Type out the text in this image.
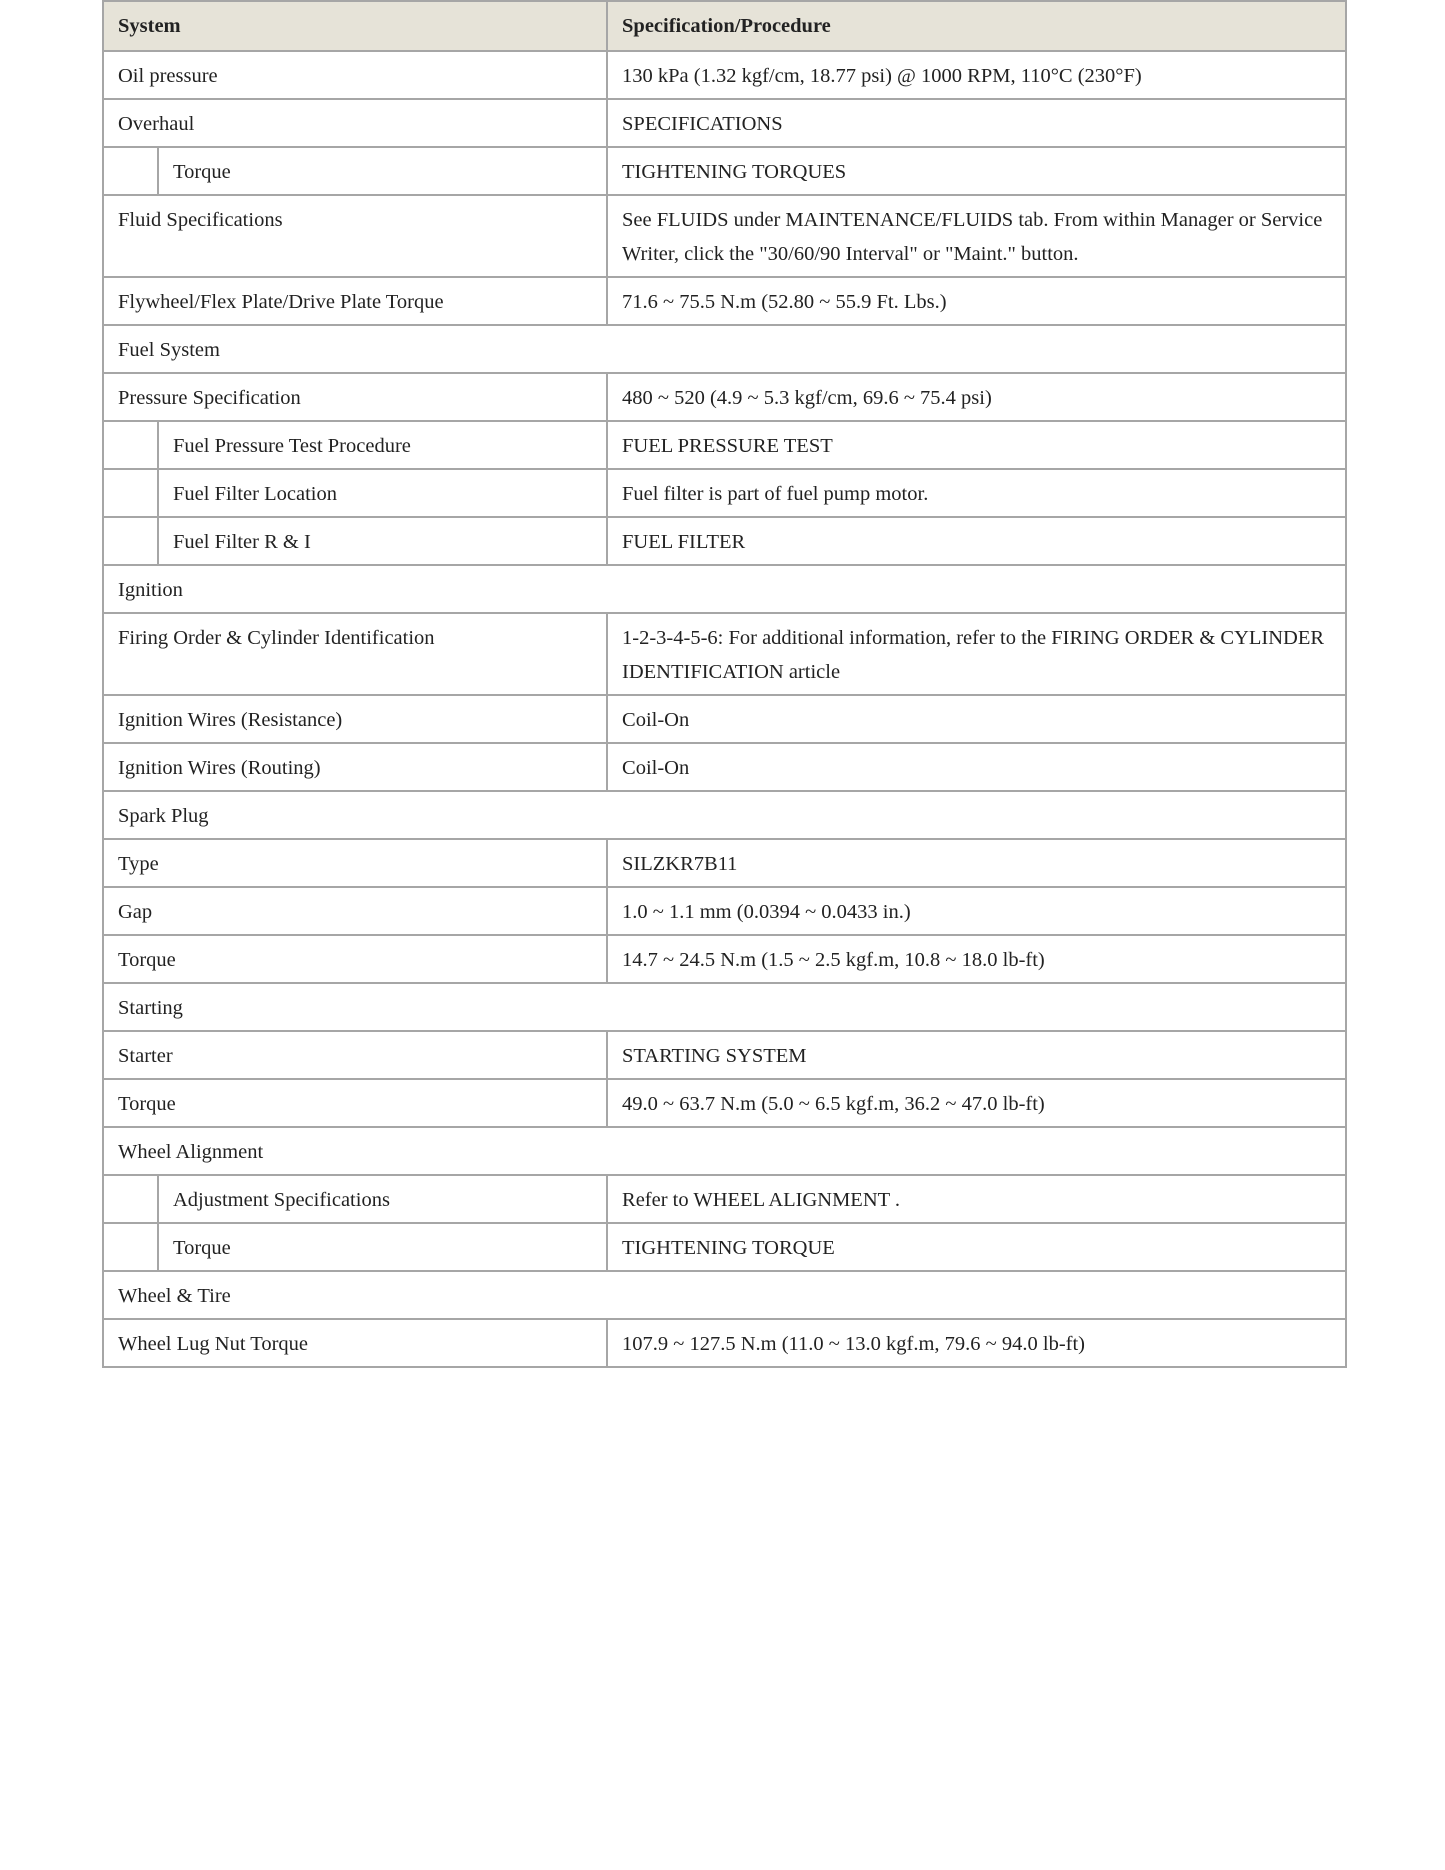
System		Specification/Procedure
Oil pressure		130 kPa (1.32 kgf/cm, 18.77 psi) @ 1000 RPM, 110°C (230°F)
Overhaul		SPECIFICATIONS
	Torque	TIGHTENING TORQUES
Fluid Specifications		See FLUIDS under MAINTENANCE/FLUIDS tab. From within Manager or Service Writer, click the "30/60/90 Interval" or "Maint." button.
Flywheel/Flex Plate/Drive Plate Torque		71.6 ~ 75.5 N.m (52.80 ~ 55.9 Ft. Lbs.)
Fuel System		
Pressure Specification		480 ~ 520 (4.9 ~ 5.3 kgf/cm, 69.6 ~ 75.4 psi)
	Fuel Pressure Test Procedure	FUEL PRESSURE TEST
	Fuel Filter Location	Fuel filter is part of fuel pump motor.
	Fuel Filter R & I	FUEL FILTER
Ignition		
Firing Order & Cylinder Identification		1-2-3-4-5-6: For additional information, refer to the FIRING ORDER & CYLINDER IDENTIFICATION article
Ignition Wires (Resistance)		Coil-On
Ignition Wires (Routing)		Coil-On
Spark Plug		
Type		SILZKR7B11
Gap		1.0 ~ 1.1 mm (0.0394 ~ 0.0433 in.)
Torque		14.7 ~ 24.5 N.m (1.5 ~ 2.5 kgf.m, 10.8 ~ 18.0 lb-ft)
Starting		
Starter		STARTING SYSTEM
Torque		49.0 ~ 63.7 N.m (5.0 ~ 6.5 kgf.m, 36.2 ~ 47.0 lb-ft)
Wheel Alignment		
	Adjustment Specifications	Refer to WHEEL ALIGNMENT .
	Torque	TIGHTENING TORQUE
Wheel & Tire		
Wheel Lug Nut Torque		107.9 ~ 127.5 N.m (11.0 ~ 13.0 kgf.m, 79.6 ~ 94.0 lb-ft)
